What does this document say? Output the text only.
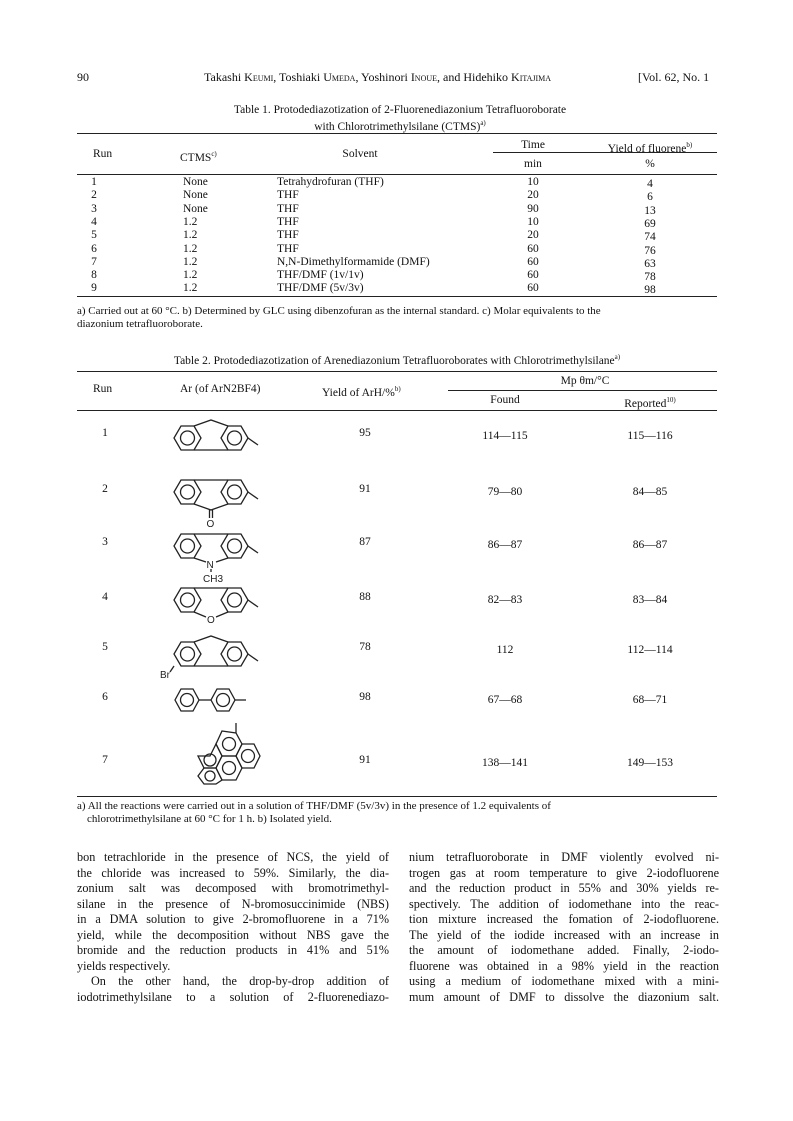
90	Takashi Keumi, Toshiaki Umeda, Yoshinori Inoue, and Hidehiko Kitajima	[Vol. 62, No. 1
Table 1. Protodediazotization of 2-Fluorenediazonium Tetrafluoroborate
with Chlorotrimethylsilane (CTMS)$^{a)}$
Run	CTMS$^{c)}$	Solvent
Time
min
Yield of fluorene$^{b)}$
%
1	None	Tetrahydrofuran (THF)	10	4
2	None	THF	20	6
3	None	THF	90	13
4	1.2	THF	10	69
5	1.2	THF	20	74
6	1.2	THF	60	76
7	1.2	N,N-Dimethylformamide (DMF)	60	63
8	1.2	THF/DMF (1v/1v)	60	78
9	1.2	THF/DMF (5v/3v)	60	98
a) Carried out at 60 °C. b) Determined by GLC using dibenzofuran as the internal standard. c) Molar equivalents to the
diazonium tetrafluoroborate.
Table 2. Protodediazotization of Arenediazonium Tetrafluoroborates with Chlorotrimethylsilane$^{a)}$
Run	Ar (of ArN2BF4)	Yield of ArH/%$^{b)}$
Mp θm/°C
Found	Reported$^{10)}$
1	95	114—115	115—116
2	91	79—80	84—85
3	87	86—87	86—87
4	88	82—83	83—84
5	78	112	112—114
6	98	67—68	68—71
7	91	138—141	149—153
O
N
CH3
O
Br
a) All the reactions were carried out in a solution of THF/DMF (5v/3v) in the presence of 1.2 equivalents of
chlorotrimethylsilane at 60 °C for 1 h. b) Isolated yield.

bon tetrachloride in the presence of NCS, the yield of

the chloride was increased to 59%. Similarly, the dia-

zonium salt was decomposed with bromotrimethyl-

silane in the presence of N-bromosuccinimide (NBS)

in a DMA solution to give 2-bromofluorene in a 71%

yield, while the decomposition without NBS gave the

bromide and the reduction products in 41% and 51%

yields respectively.

On the other hand, the drop-by-drop addition of

iodotrimethylsilane to a solution of 2-fluorenediazo-

nium tetrafluoroborate in DMF violently evolved ni-

trogen gas at room temperature to give 2-iodofluorene

and the reduction product in 55% and 30% yields re-

spectively. The addition of iodomethane into the reac-

tion mixture increased the fomation of 2-iodofluorene.

The yield of the iodide increased with an increase in

the amount of iodomethane added. Finally, 2-iodo-

fluorene was obtained in a 98% yield in the reaction

using a medium of iodomethane mixed with a mini-

mum amount of DMF to dissolve the diazonium salt.
